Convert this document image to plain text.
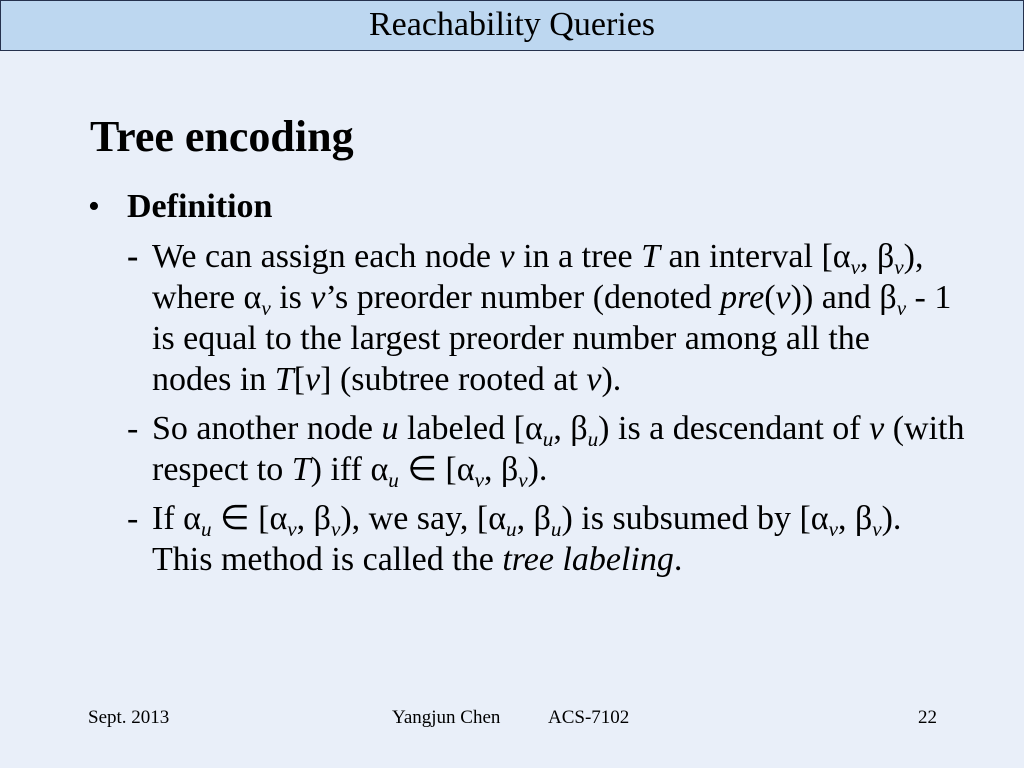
Reachability Queries
Tree encoding
• Definition
- We can assign each node v in a tree T an interval [αv, βv),
where αv is v’s preorder number (denoted pre(v)) and βv - 1
is equal to the largest preorder number among all the
nodes in T[v] (subtree rooted at v).
- So another node u labeled [αu, βu) is a descendant of v (with
respect to T) iff αu ∈ [αv, βv).
- If αu ∈ [αv, βv), we say, [αu, βu) is subsumed by [αv, βv).
This method is called the tree labeling.
Sept. 2013	Yangjun Chen	ACS-7102	22
